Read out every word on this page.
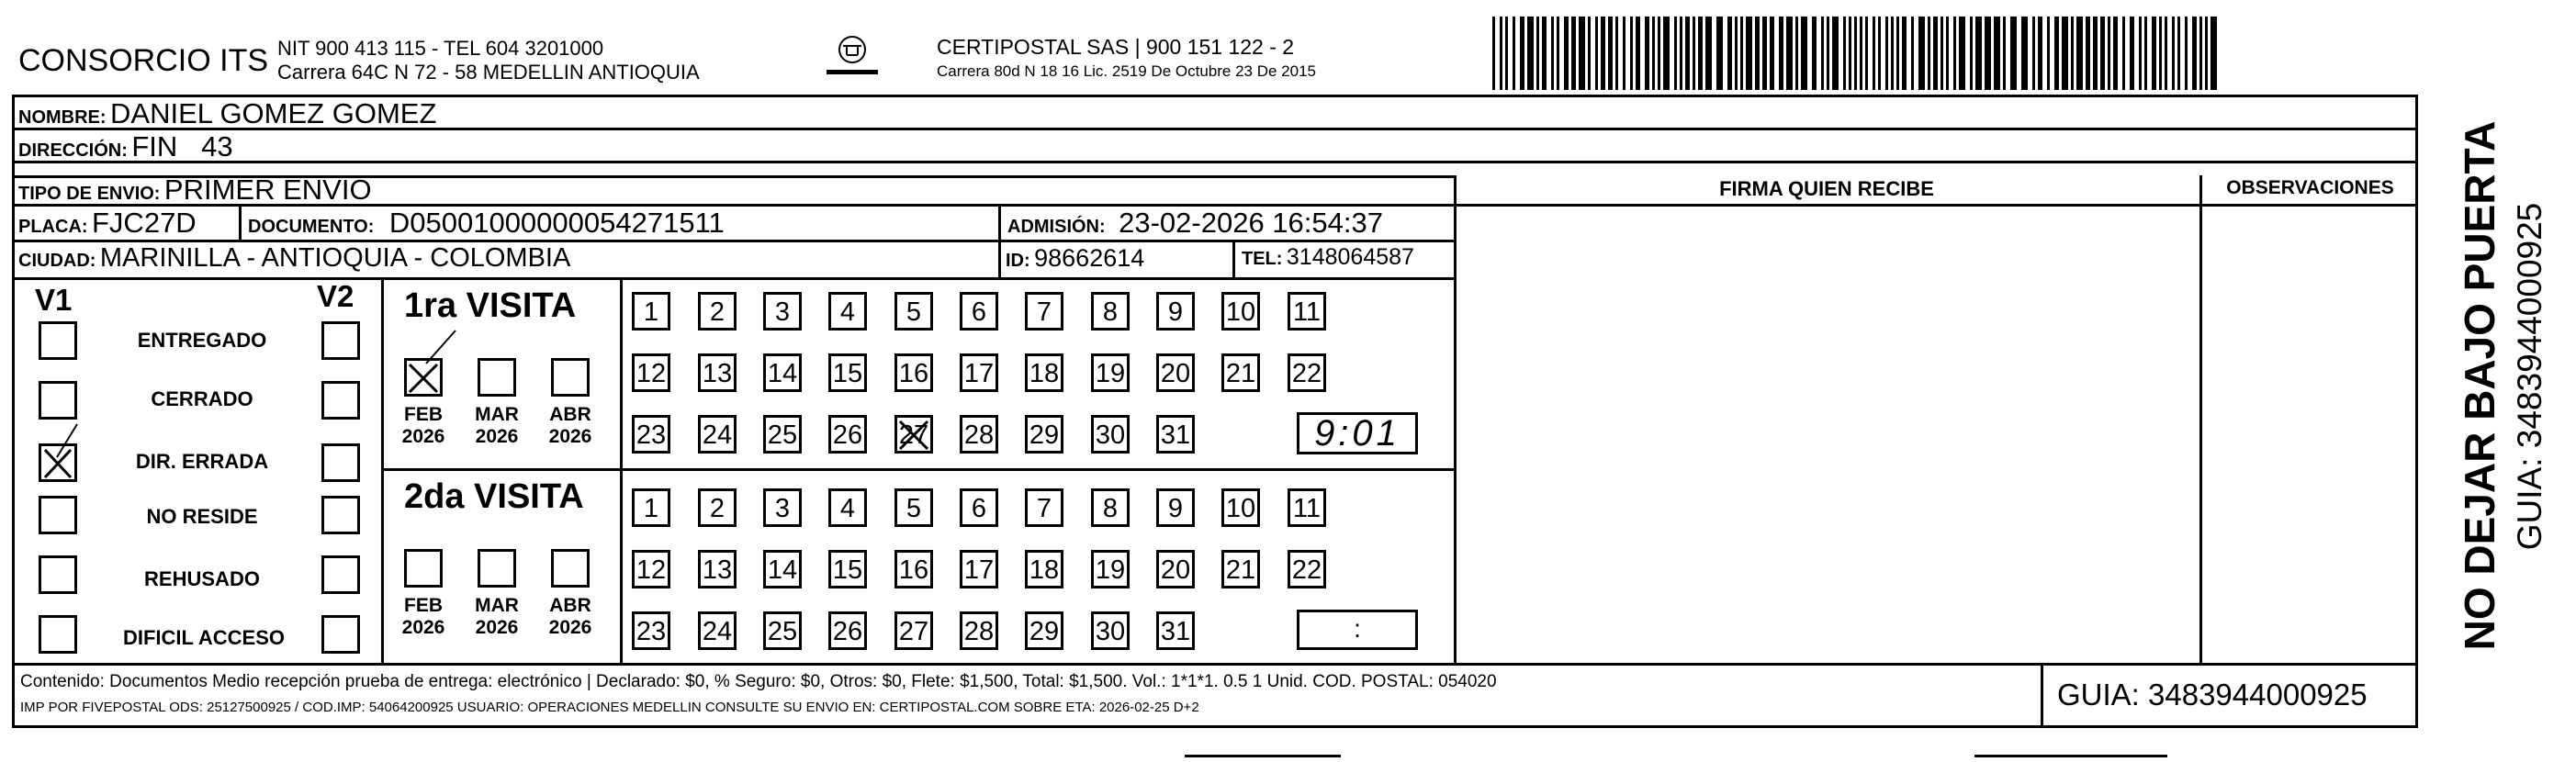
CONSORCIO ITS NIT 900 413 115 - TEL 604 3201000
Carrera 64C N 72 - 58 MEDELLIN ANTIOQUIA
CERTIPOSTAL SAS | 900 151 122 - 2
Carrera 80d N 18 16 Lic. 2519 De Octubre 23 De 2015
NOMBRE: DANIEL GOMEZ GOMEZ
DIRECCIÓN: FIN   43
TIPO DE ENVIO: PRIMER ENVIO
PLACA: FJC27D	DOCUMENTO: D05001000000054271511	ADMISIÓN: 23-02-2026 16:54:37
CIUDAD: MARINILLA - ANTIOQUIA - COLOMBIA	ID: 98662614	TEL: 3148064587
FIRMA QUIEN RECIBE	OBSERVACIONES
V1	V2
ENTREGADO
CERRADO
DIR. ERRADA
NO RESIDE
REHUSADO
DIFICIL ACCESO
1ra VISITA
FEB
2026
MAR
2026
ABR
2026
1	2	3	4	5	6	7	8	9	10 11
12 13 14 15 16 17 18 19 20 21 22
23 24 25 26 27 28 29 30 31
2da VISITA
FEB
2026
MAR
2026
ABR
2026
1	2	3	4	5	6	7	8	9	10 11
12 13 14 15 16 17 18 19 20 21 22
23 24 25 26 27 28 29 30 31
9:01
:
Contenido: Documentos Medio recepción prueba de entrega: electrónico | Declarado: $0, % Seguro: $0, Otros: $0, Flete: $1,500, Total: $1,500. Vol.: 1*1*1. 0.5 1 Unid. COD. POSTAL: 054020
IMP POR FIVEPOSTAL ODS: 25127500925 / COD.IMP: 54064200925 USUARIO: OPERACIONES MEDELLIN CONSULTE SU ENVIO EN: CERTIPOSTAL.COM SOBRE ETA: 2026-02-25 D+2	GUIA: 3483944000925
NO DEJAR BAJO PUERTA GUIA: 3483944000925
